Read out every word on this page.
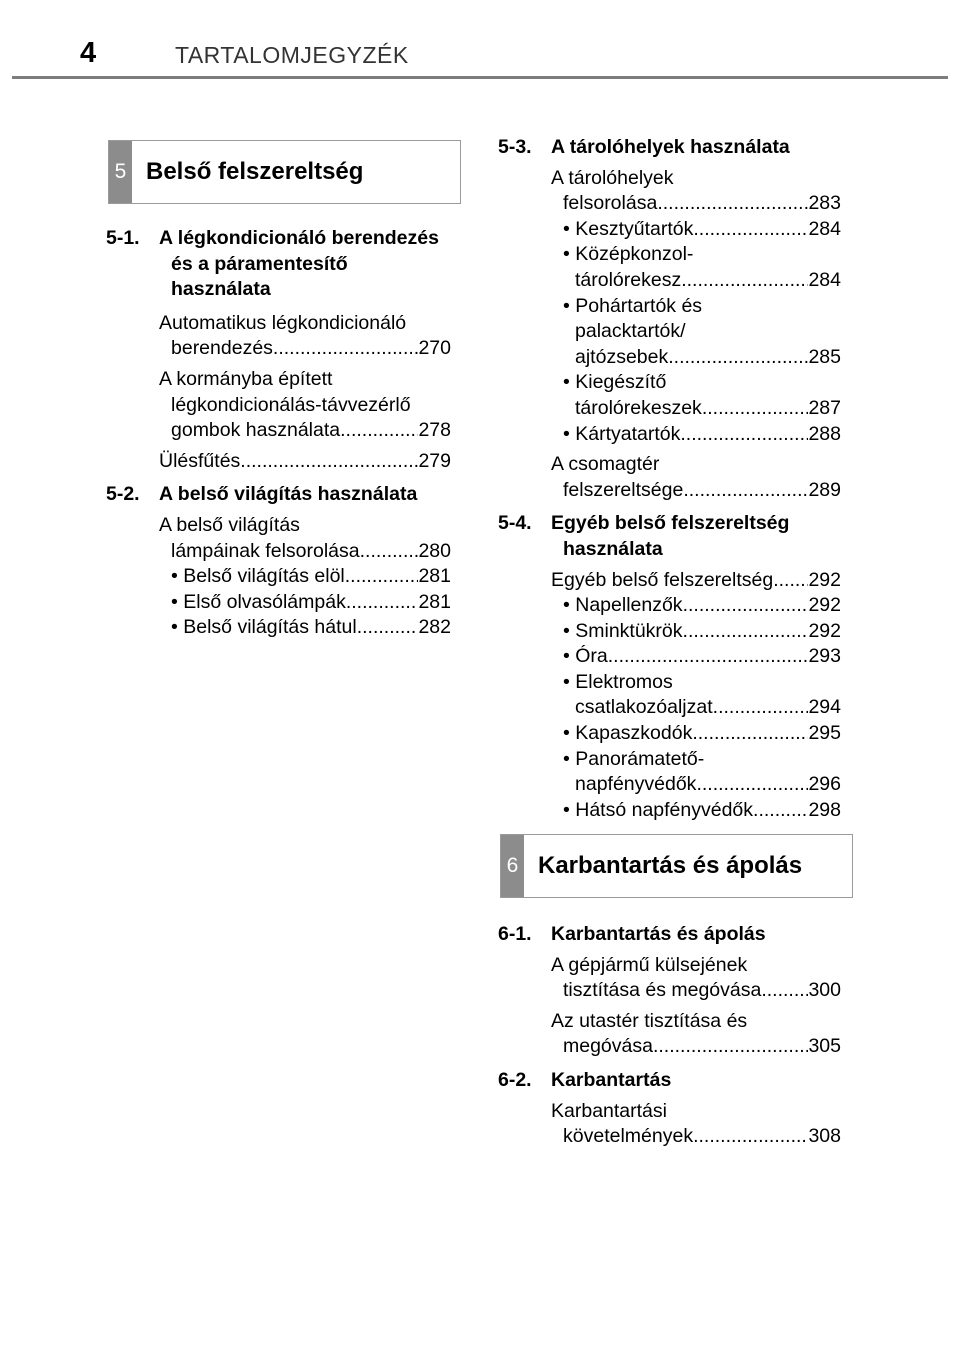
4	TARTALOMJEGYZÉK
5 Belső felszereltség
5-1. A légkondicionáló berendezés
és a páramentesítő
használata
Automatikus légkondicionáló
berendezés .....	270
A kormányba épített
légkondicionálás-távvezérlő
gombok használata .....	278
Ülésfűtés .....	279
5-2. A belső világítás használata
A belső világítás
lámpáinak felsorolása .....	280
• Belső világítás elöl .....	281
• Első olvasólámpák .....	281
• Belső világítás hátul .....	282
5-3. A tárolóhelyek használata
A tárolóhelyek
felsorolása .....	283
• Kesztyűtartók .....	284
• Középkonzol-
tárolórekesz .....	284
• Pohártartók és
palacktartók/
ajtózsebek .....	285
• Kiegészítő
tárolórekeszek .....	287
• Kártyatartók .....	288
A csomagtér
felszereltsége .....	289
5-4. Egyéb belső felszereltség
használata
Egyéb belső felszereltség ..... 292
• Napellenzők .....	292
• Sminktükrök .....	292
• Óra .....	293
• Elektromos
csatlakozóaljzat .....	294
• Kapaszkodók .....	295
• Panorámatető-
napfényvédők .....	296
• Hátsó napfényvédők .....	298
6 Karbantartás és ápolás
6-1. Karbantartás és ápolás
A gépjármű külsejének
tisztítása és megóvása ..... 300
Az utastér tisztítása és
megóvása .....	305
6-2. Karbantartás
Karbantartási
követelmények .....	308
